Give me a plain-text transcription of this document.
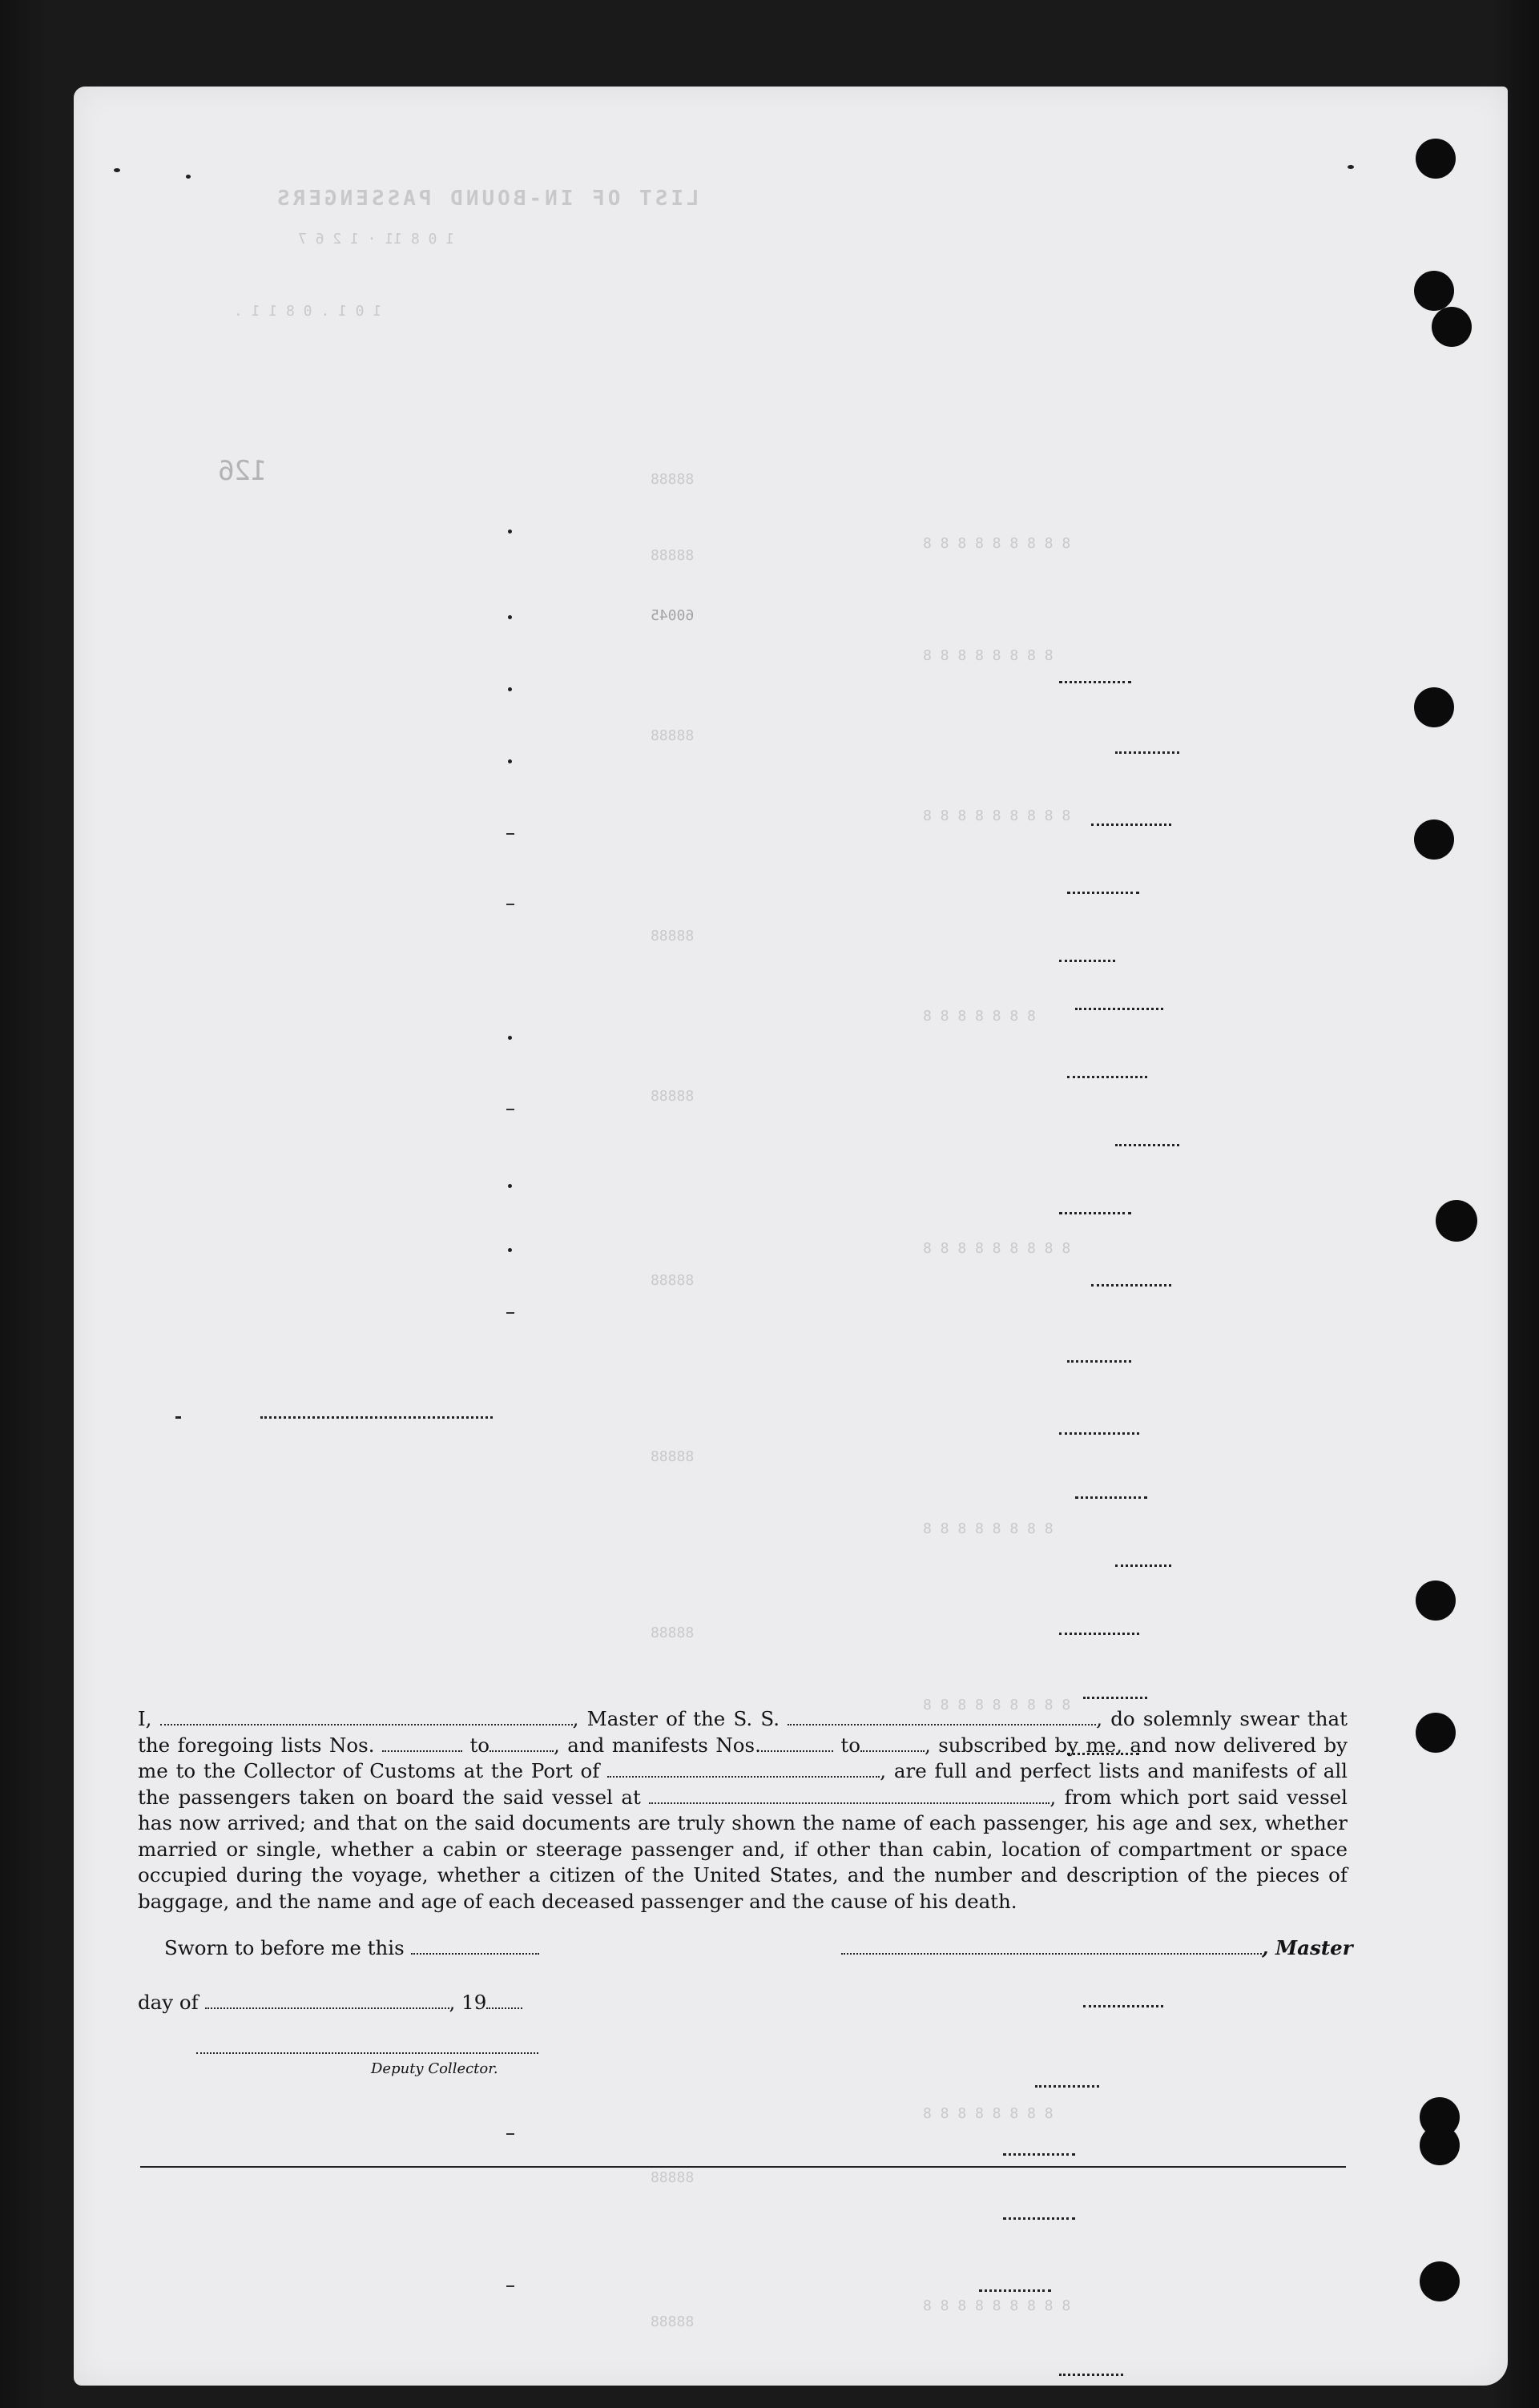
LIST OF IN-BOUND PASSENGERS
1 0 8 11 · 1 2 6 7
1 0 1 . 0 8 1 1 .
126
60045
88888
88888
88888
88888
88888
88888
88888
88888
88888
88888
8 8 8 8 8 8 8 8 8
8 8 8 8 8 8 8 8
8 8 8 8 8 8 8 8 8
8 8 8 8 8 8 8
8 8 8 8 8 8 8 8 8
8 8 8 8 8 8 8 8
8 8 8 8 8 8 8 8 8
8 8 8 8 8 8 8 8
8 8 8 8 8 8 8 8 8
I,	, Master of the S. S.	, do solemnly swear that the foregoing lists Nos.	to	, and manifests Nos.	to	, subscribed by me, and now delivered by me to the Collector of Customs at the Port of	, are full and perfect lists and manifests of all the passengers taken on board the said vessel at	, from which port said vessel has now arrived; and that on the said documents are truly shown the name of each passenger, his age and sex, whether married or single, whether a cabin or steerage passenger and, if other than cabin, location of compartment or space occupied during the voyage, whether a citizen of the United States, and the number and description of the pieces of baggage, and the name and age of each deceased passenger and the cause of his death.
Sworn to before me this	, Master
day of	, 19
Deputy Collector.
